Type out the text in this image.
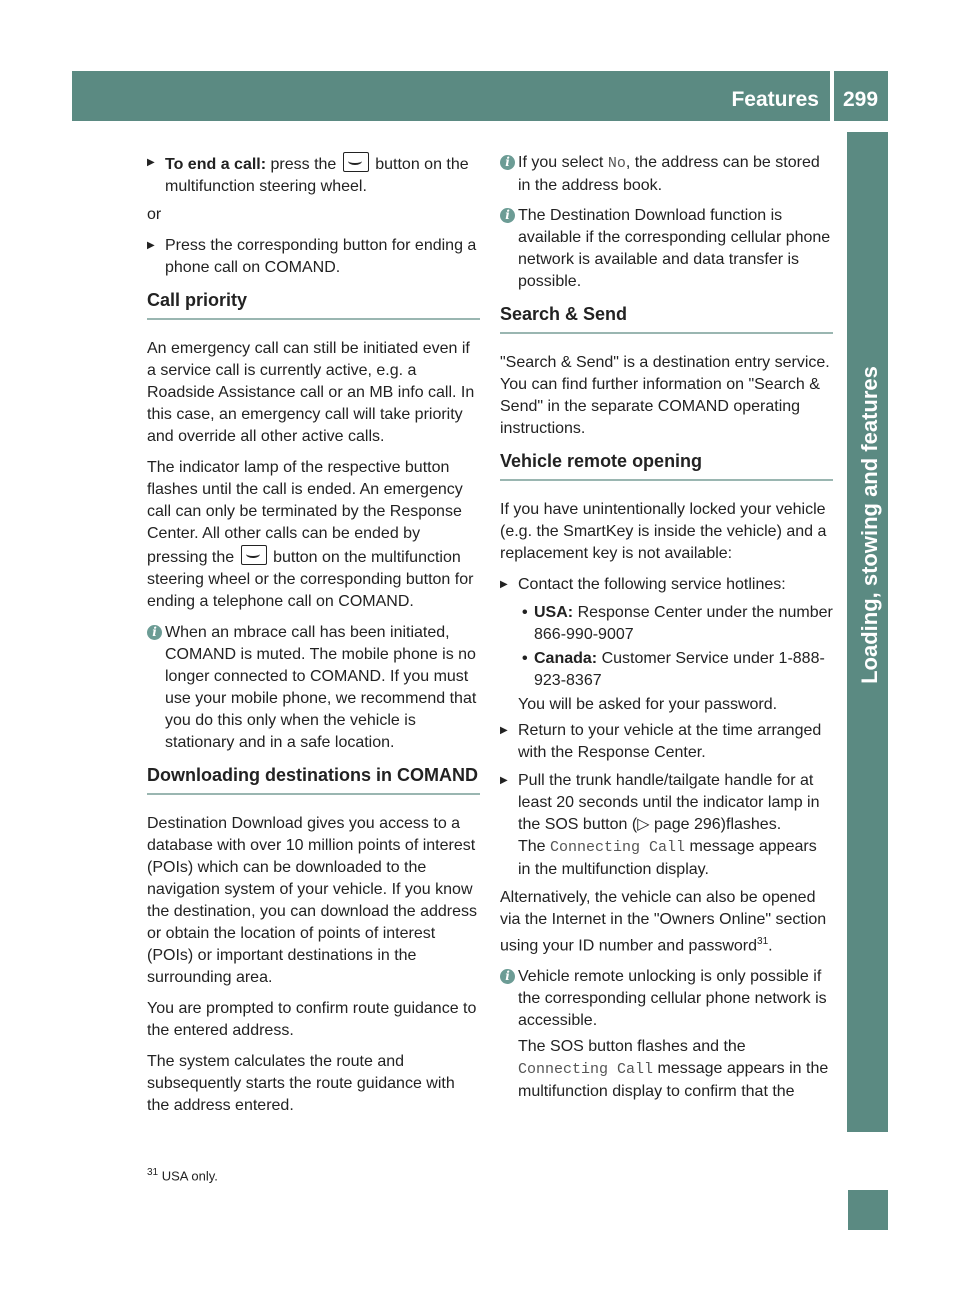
Features 299
Loading, stowing and features
▶ To end a call: press the button on the multifunction steering wheel.

or

▶ Press the corresponding button for ending a phone call on COMAND.
Call priority

An emergency call can still be initiated even if a service call is currently active, e.g. a Roadside Assistance call or an MB info call. In this case, an emergency call will take priority and override all other active calls.

The indicator lamp of the respective button flashes until the call is ended. An emergency call can only be terminated by the Response Center. All other calls can be ended by pressing the button on the multifunction steering wheel or the corresponding button for ending a telephone call on COMAND.

i When an mbrace call has been initiated, COMAND is muted. The mobile phone is no longer connected to COMAND. If you must use your mobile phone, we recommend that you do this only when the vehicle is stationary and in a safe location.
Downloading destinations in COMAND

Destination Download gives you access to a database with over 10 million points of interest (POIs) which can be downloaded to the navigation system of your vehicle. If you know the destination, you can download the address or obtain the location of points of interest (POIs) or important destinations in the surrounding area.

You are prompted to confirm route guidance to the entered address.

The system calculates the route and subsequently starts the route guidance with the address entered.

i If you select No, the address can be stored in the address book.
i The Destination Download function is available if the corresponding cellular phone network is available and data transfer is possible.
Search & Send

"Search & Send" is a destination entry service. You can find further information on "Search & Send" in the separate COMAND operating instructions.

Vehicle remote opening

If you have unintentionally locked your vehicle (e.g. the SmartKey is inside the vehicle) and a replacement key is not available:

▶ Contact the following service hotlines:
• USA: Response Center under the number 866-990-9007
• Canada: Customer Service under 1-888-923-8367

You will be asked for your password.

▶ Return to your vehicle at the time arranged with the Response Center.
▶ Pull the trunk handle/tailgate handle for at least 20 seconds until the indicator lamp in the SOS button (▷ page 296)flashes.
The Connecting Call message appears in the multifunction display.

Alternatively, the vehicle can also be opened via the Internet in the "Owners Online" section using your ID number and password$^{31}$.

i Vehicle remote unlocking is only possible if the corresponding cellular phone network is accessible.
The SOS button flashes and the Connecting Call message appears in the multifunction display to confirm that the
$^{31}$ USA only.
